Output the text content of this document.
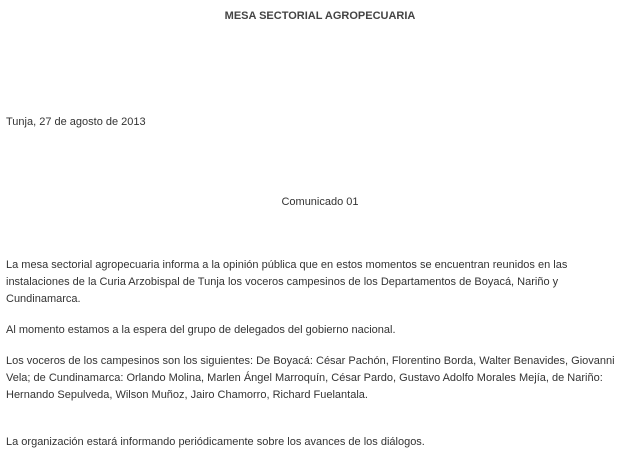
MESA SECTORIAL AGROPECUARIA

Tunja, 27 de agosto de 2013

Comunicado 01

La mesa sectorial agropecuaria informa a la opinión pública que en estos momentos se encuentran reunidos en las instalaciones de la Curia Arzobispal de Tunja los voceros campesinos de los Departamentos de Boyacá, Nariño y Cundinamarca.

Al momento estamos a la espera del grupo de delegados del gobierno nacional.

Los voceros de los campesinos son los siguientes: De Boyacá: César Pachón, Florentino Borda, Walter Benavides, Giovanni Vela; de Cundinamarca: Orlando Molina, Marlen Ángel Marroquín, César Pardo, Gustavo Adolfo Morales Mejía, de Nariño: Hernando Sepulveda, Wilson Muñoz, Jairo Chamorro, Richard Fuelantala.

La organización estará informando periódicamente sobre los avances de los diálogos.
